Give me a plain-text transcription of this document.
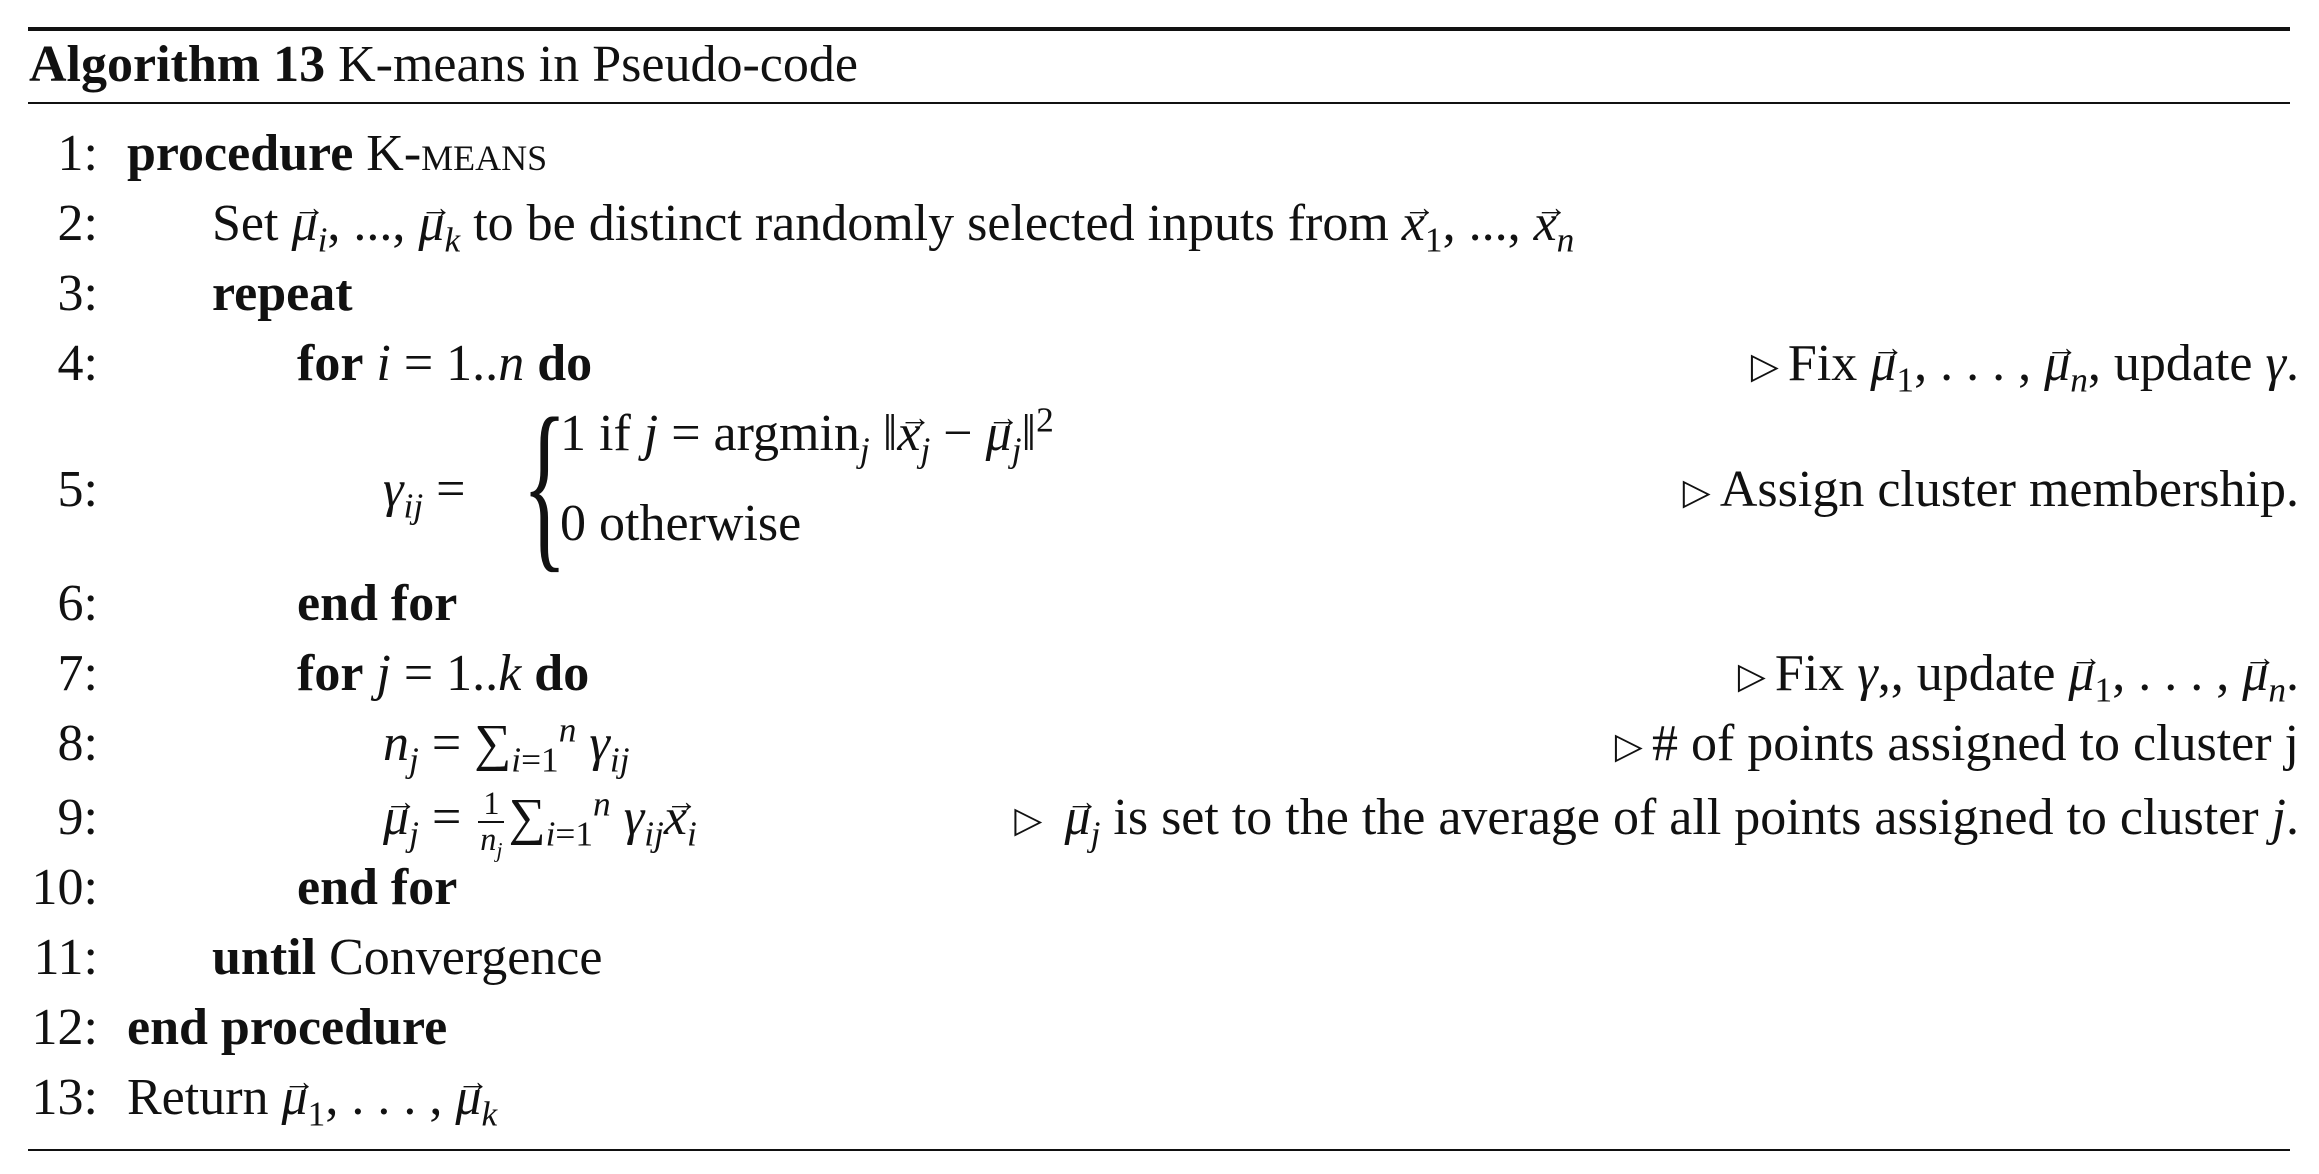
Algorithm 13 K-means in Pseudo-code
1: procedure K-means
2: Set → $\mu_i$, ..., → $\mu_k$ to be distinct randomly selected inputs from → $x_1$, ..., → $x_n$
3: repeat
4:	for i = 1..n do	▷ Fix → $\mu_1$, . . . , → $\mu_n$, update γ.
5:	$\gamma_{ij}$ = {
1 if j = argmin$_j$ ‖→ $x_j$ − → $\mu_j‖^2$
0 otherwise
▷ Assign cluster membership.
6:	end for
7:	for j = 1..k do	▷ Fix γ,, update → $\mu_1$, . . . , → $\mu_n$.
8:	$n_j = \sum_{i=1}^n$ $\gamma_{ij}$	▷ # of points assigned to cluster j
9:	→ $\mu_j = \frac{1}{n_j} \sum_{i=1}^n$ $\gamma_{ij}\to x_i$	▷ → $\mu_j$ is set to the the average of all points assigned to cluster j.
10:	end for
11: until Convergence
12: end procedure
13: Return → $\mu_1$, . . . , → $\mu_k$
